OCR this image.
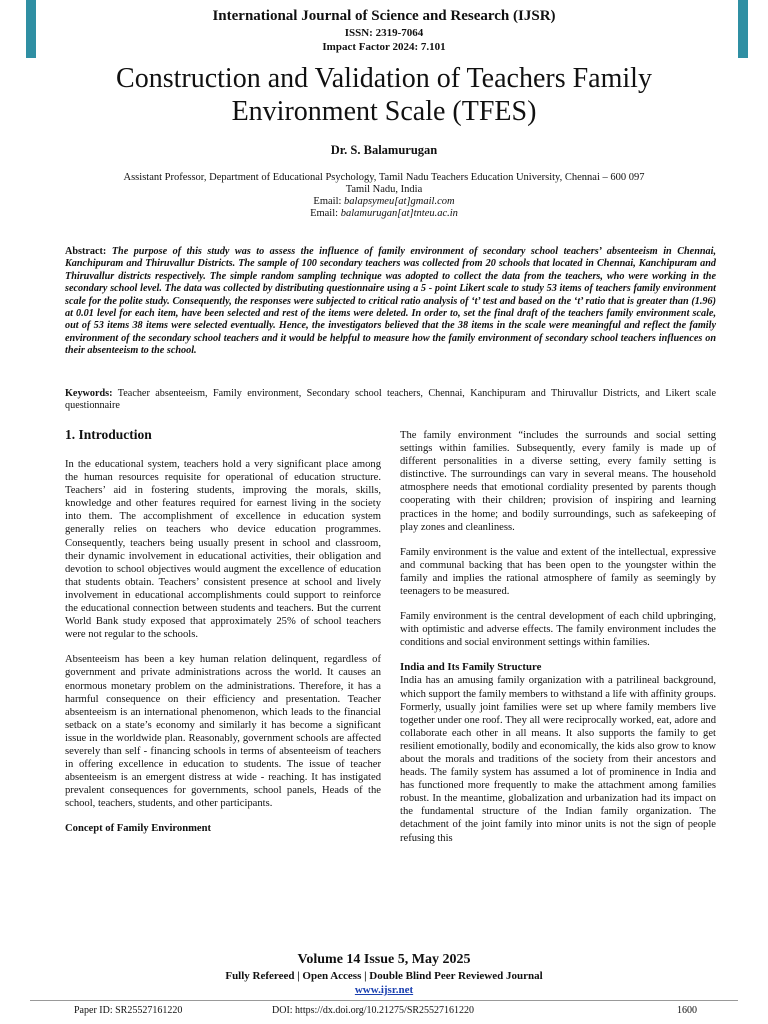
International Journal of Science and Research (IJSR)
ISSN: 2319-7064
Impact Factor 2024: 7.101
Construction and Validation of Teachers Family Environment Scale (TFES)
Dr. S. Balamurugan
Assistant Professor, Department of Educational Psychology, Tamil Nadu Teachers Education University, Chennai – 600 097
Tamil Nadu, India
Email: balapsymeu[at]gmail.com
Email: balamurugan[at]tnteu.ac.in
Abstract: The purpose of this study was to assess the influence of family environment of secondary school teachers’ absenteeism in Chennai, Kanchipuram and Thiruvallur Districts. The sample of 100 secondary teachers was collected from 20 schools that located in Chennai, Kanchipuram and Thiruvallur districts respectively. The simple random sampling technique was adopted to collect the data from the teachers, who were working in the secondary school level. The data was collected by distributing questionnaire using a 5 - point Likert scale to study 53 items of teachers family environment scale for the polite study. Consequently, the responses were subjected to critical ratio analysis of ‘t’ test and based on the ‘t’ ratio that is greater than (1.96) at 0.01 level for each item, have been selected and rest of the items were deleted. In order to, set the final draft of the teachers family environment scale, out of 53 items 38 items were selected eventually. Hence, the investigators believed that the 38 items in the scale were meaningful and reflect the family environment of the secondary school teachers and it would be helpful to measure how the family environment of secondary school teachers influences on their absenteeism to the school.
Keywords: Teacher absenteeism, Family environment, Secondary school teachers, Chennai, Kanchipuram and Thiruvallur Districts, and Likert scale questionnaire
1. Introduction

In the educational system, teachers hold a very significant place among the human resources requisite for operational of education structure. Teachers’ aid in fostering students, improving the morals, skills, knowledge and other features required for earnest living in the society into them. The accomplishment of excellence in education system generally relies on teachers who device education programmes. Consequently, teachers being usually present in school and classroom, their dynamic involvement in educational activities, their obligation and devotion to school objectives would augment the excellence of education that students obtain. Teachers’ consistent presence at school and lively involvement in educational accomplishments could support to reinforce the educational connection between students and teachers. But the current World Bank study exposed that approximately 25% of school teachers were not regular to the schools.

Absenteeism has been a key human relation delinquent, regardless of government and private administrations across the world. It causes an enormous monetary problem on the administrations. Therefore, it has a harmful consequence on their efficiency and presentation. Teacher absenteeism is an international phenomenon, which leads to the financial setback on a state’s economy and similarly it has become a significant issue in the worldwide plan. Reasonably, government schools are affected severely than self - financing schools in terms of absenteeism of teachers in offering excellence in education to students. The issue of teacher absenteeism is an emergent distress at wide - reaching. It has instigated prevalent consequences for governments, school panels, Heads of the school, teachers, students, and other participants.

Concept of Family Environment

The family environment “includes the surrounds and social setting settings within families. Subsequently, every family is made up of different personalities in a diverse setting, every family setting is distinctive. The surroundings can vary in several means. The household atmosphere needs that emotional cordiality presented by parents though cooperating with their children; provision of inspiring and learning practices in the home; and bodily surroundings, such as safekeeping of play zones and cleanliness.

Family environment is the value and extent of the intellectual, expressive and communal backing that has been open to the youngster within the family and implies the rational atmosphere of family as seemingly by teenagers to be measured.

Family environment is the central development of each child upbringing, with optimistic and adverse effects. The family environment includes the conditions and social environment settings within families.

India and Its Family Structure

India has an amusing family organization with a patrilineal background, which support the family members to withstand a life with affinity groups. Formerly, usually joint families were set up where family members live together under one roof. They all were reciprocally worked, eat, adore and collaborate each other in all means. It also supports the family to get resilient emotionally, bodily and economically, the kids also grow to know about the morals and traditions of the society from their ancestors and heads. The family system has assumed a lot of prominence in India and has functioned more frequently to make the attachment among families robust. In the meantime, globalization and urbanization had its impact on the fundamental structure of the Indian family organization. The detachment of the joint family into minor units is not the sign of people refusing this

Volume 14 Issue 5, May 2025
Fully Refereed | Open Access | Double Blind Peer Reviewed Journal
www.ijsr.net
Paper ID: SR25527161220	DOI: https://dx.doi.org/10.21275/SR25527161220	1600
